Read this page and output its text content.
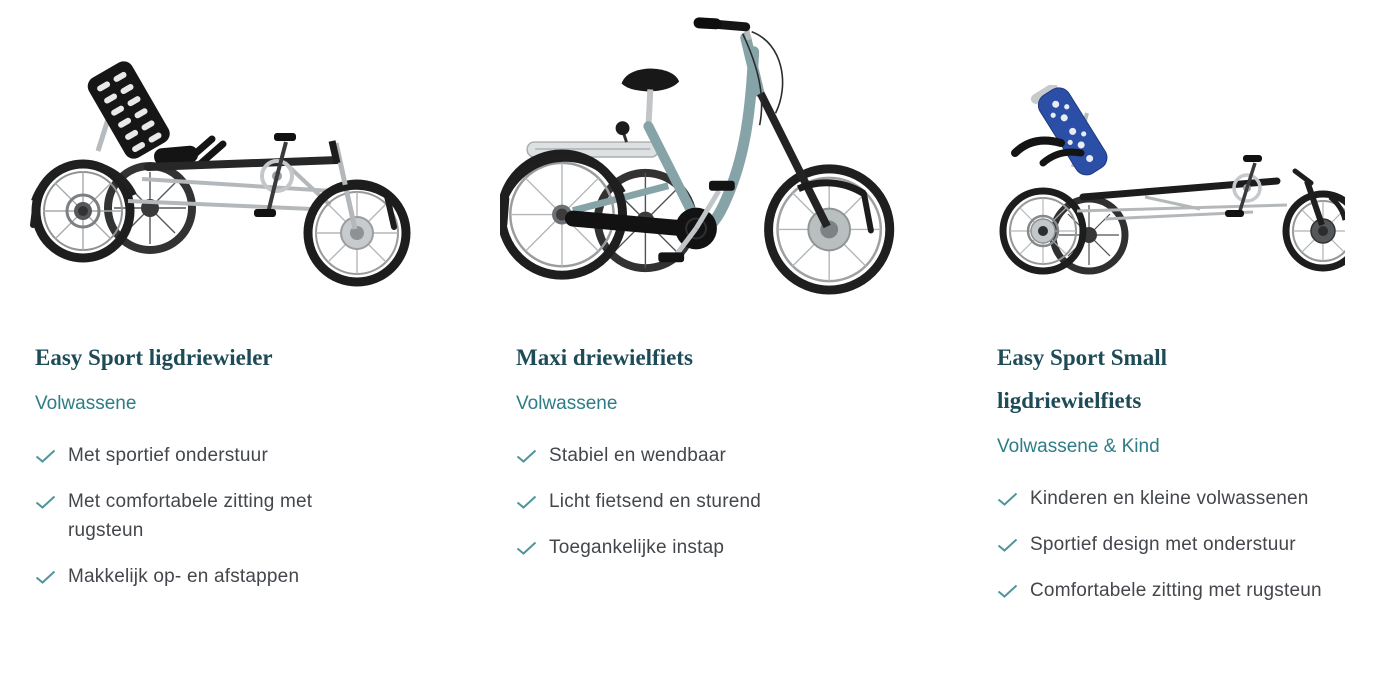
Easy Sport ligdriewieler
Volwassene
Met sportief onderstuur
Met comfortabele zitting met rugsteun
Makkelijk op- en afstappen
Maxi driewielfiets
Volwassene
Stabiel en wendbaar
Licht fietsend en sturend
Toegankelijke instap
Easy Sport Small ligdriewielfiets
Volwassene & Kind
Kinderen en kleine volwassenen
Sportief design met onderstuur
Comfortabele zitting met rugsteun
